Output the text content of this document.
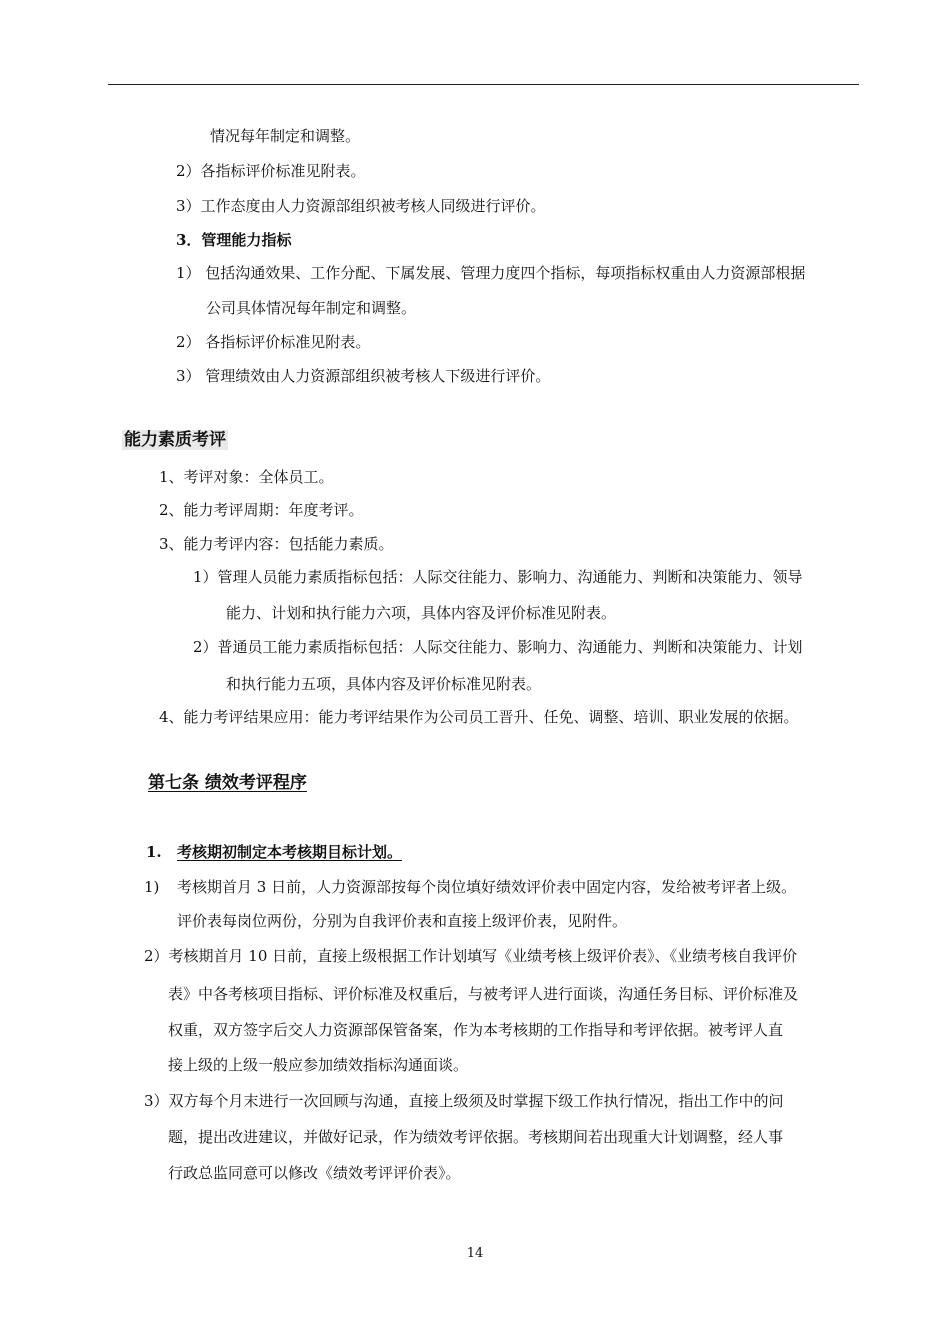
情况每年制定和调整。
2）各指标评价标准见附表。
3）工作态度由人力资源部组织被考核人同级进行评价。
3．管理能力指标
1） 包括沟通效果、工作分配、下属发展、管理力度四个指标，每项指标权重由人力资源部根据
公司具体情况每年制定和调整。
2） 各指标评价标准见附表。
3） 管理绩效由人力资源部组织被考核人下级进行评价。
能力素质考评
1、考评对象：全体员工。
2、能力考评周期：年度考评。
3、能力考评内容：包括能力素质。
1）管理人员能力素质指标包括：人际交往能力、影响力、沟通能力、判断和决策能力、领导
能力、计划和执行能力六项，具体内容及评价标准见附表。
2）普通员工能力素质指标包括：人际交往能力、影响力、沟通能力、判断和决策能力、计划
和执行能力五项，具体内容及评价标准见附表。
4、能力考评结果应用：能力考评结果作为公司员工晋升、任免、调整、培训、职业发展的依据。
第七条 绩效考评程序
1. 考核期初制定本考核期目标计划。
1) 考核期首月 3 日前，人力资源部按每个岗位填好绩效评价表中固定内容，发给被考评者上级。
评价表每岗位两份，分别为自我评价表和直接上级评价表，见附件。
2）考核期首月 10 日前，直接上级根据工作计划填写《业绩考核上级评价表》、《业绩考核自我评价
表》中各考核项目指标、评价标准及权重后，与被考评人进行面谈，沟通任务目标、评价标准及
权重，双方签字后交人力资源部保管备案，作为本考核期的工作指导和考评依据。被考评人直
接上级的上级一般应参加绩效指标沟通面谈。
3）双方每个月末进行一次回顾与沟通，直接上级须及时掌握下级工作执行情况，指出工作中的问
题，提出改进建议，并做好记录，作为绩效考评依据。考核期间若出现重大计划调整，经人事
行政总监同意可以修改《绩效考评评价表》。
14
